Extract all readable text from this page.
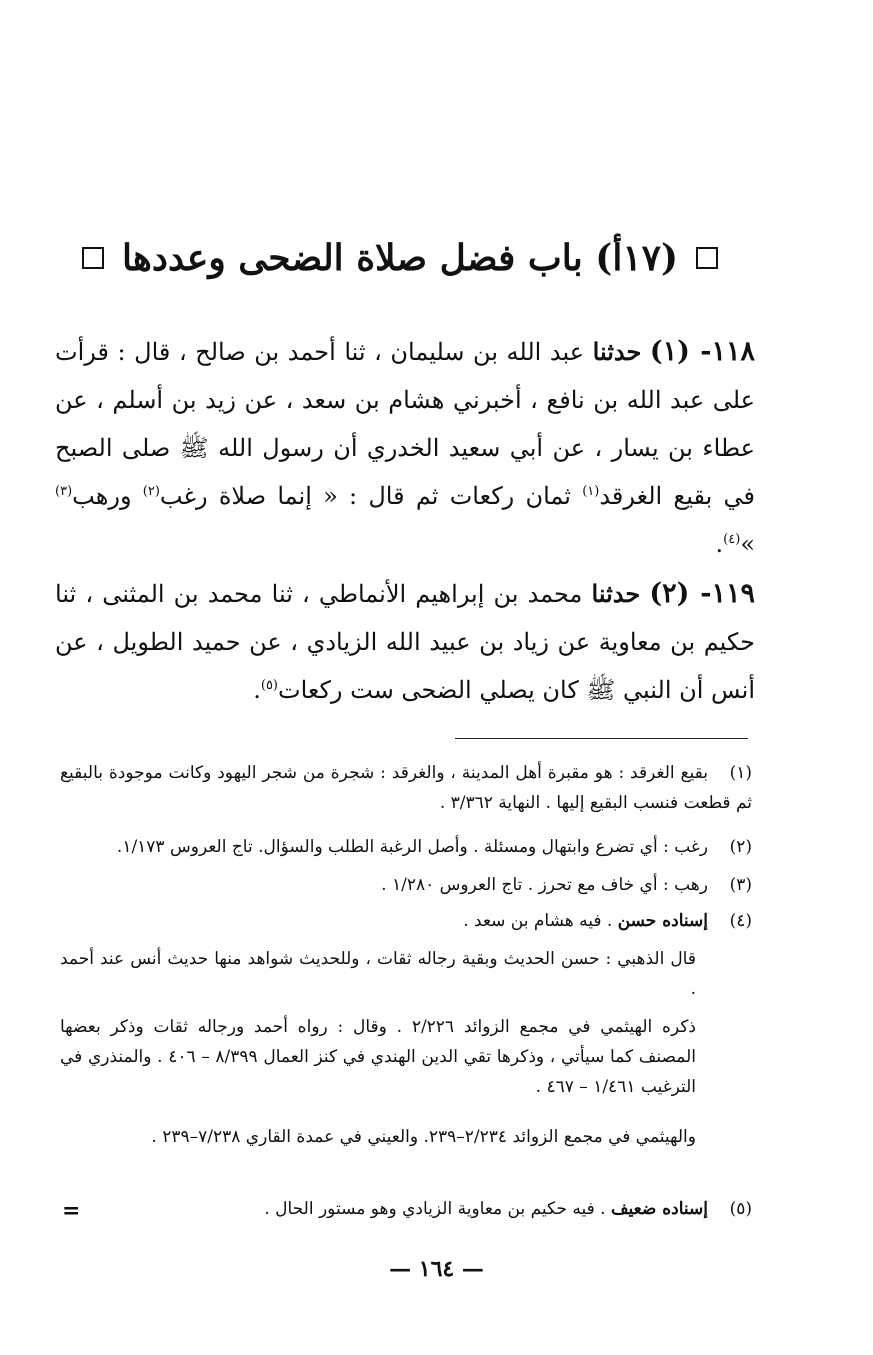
(١٧أ) باب فضل صلاة الضحى وعددها
١١٨- (١) حدثنا عبد الله بن سليمان ، ثنا أحمد بن صالح ، قال : قرأت على عبد الله بن نافع ، أخبرني هشام بن سعد ، عن زيد بن أسلم ، عن عطاء بن يسار ، عن أبي سعيد الخدري أن رسول الله ﷺ صلى الصبح في بقيع الغرقد$^{(١)}$ ثمان ركعات ثم قال : « إنما صلاة رغب$^{(٢)}$ ورهب$^{(٣)}$ »$^{(٤)}$.
١١٩- (٢) حدثنا محمد بن إبراهيم الأنماطي ، ثنا محمد بن المثنى ، ثنا حكيم بن معاوية عن زياد بن عبيد الله الزيادي ، عن حميد الطويل ، عن أنس أن النبي ﷺ كان يصلي الضحى ست ركعات$^{(٥)}$.
(١)بقيع الغرقد : هو مقبرة أهل المدينة ، والغرقد : شجرة من شجر اليهود وكانت موجودة بالبقيع ثم قطعت فنسب البقيع إليها . النهاية ٣/٣٦٢ .
(٢)رغب : أي تضرع وابتهال ومسئلة . وأصل الرغبة الطلب والسؤال. تاج العروس ١/١٧٣.
(٣)رهب : أي خاف مع تحرز . تاج العروس ١/٢٨٠ .
(٤)إسناده حسن . فيه هشام بن سعد .
قال الذهبي : حسن الحديث وبقية رجاله ثقات ، وللحديث شواهد منها حديث أنس عند أحمد .
ذكره الهيثمي في مجمع الزوائد ٢/٢٢٦ . وقال : رواه أحمد ورجاله ثقات وذكر بعضها المصنف كما سيأتي ، وذكرها تقي الدين الهندي في كنز العمال ٨/٣٩٩ – ٤٠٦ . والمنذري في الترغيب ١/٤٦١ – ٤٦٧ .
والهيثمي في مجمع الزوائد ٢/٢٣٤–٢٣٩. والعيني في عمدة القاري ٧/٢٣٨–٢٣٩ .
(٥)إسناده ضعيف . فيه حكيم بن معاوية الزيادي وهو مستور الحال .
=
— ١٦٤ —
